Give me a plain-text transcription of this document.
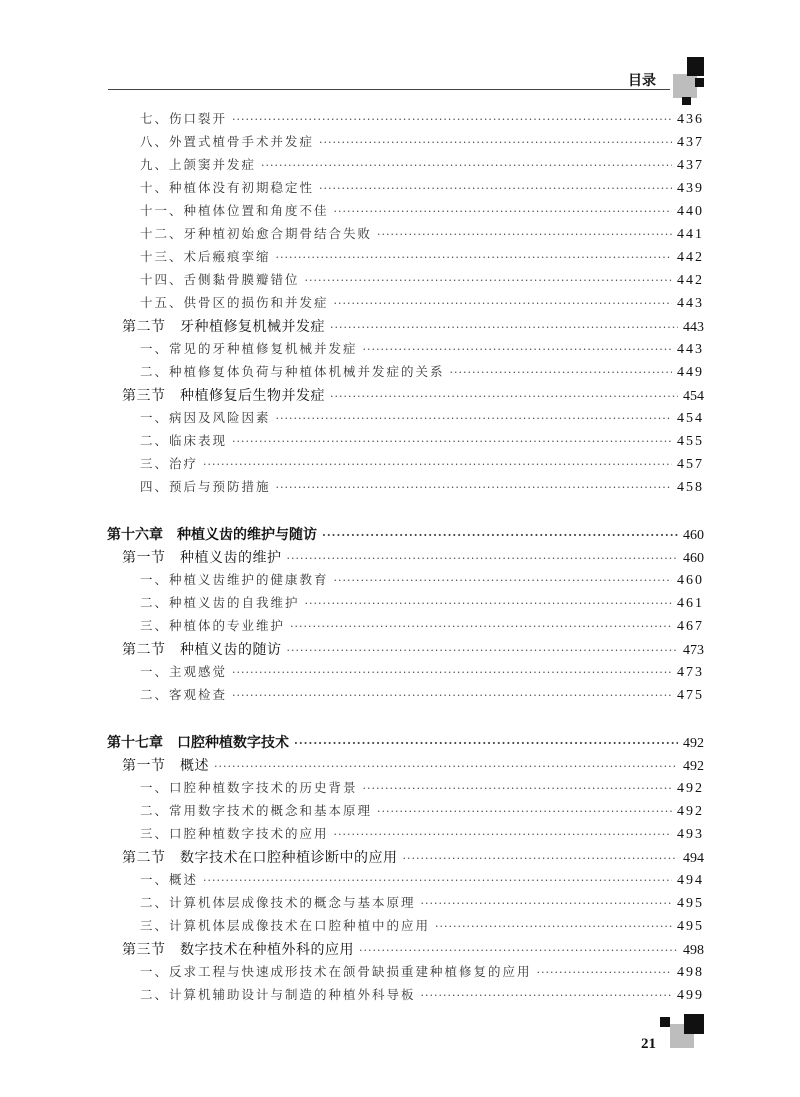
目录
七、伤口裂开 ·····	436
八、外置式植骨手术并发症 ·····	437
九、上颌窦并发症 ·····	437
十、种植体没有初期稳定性 ·····	439
十一、种植体位置和角度不佳 ·····	440
十二、牙种植初始愈合期骨结合失败 ·····	441
十三、术后瘢痕挛缩 ·····	442
十四、舌侧黏骨膜瓣错位 ·····	442
十五、供骨区的损伤和并发症 ·····	443
第二节　牙种植修复机械并发症 ·····	443
一、常见的牙种植修复机械并发症 ·····	443
二、种植修复体负荷与种植体机械并发症的关系 ·····	449
第三节　种植修复后生物并发症 ·····	454
一、病因及风险因素 ·····	454
二、临床表现 ·····	455
三、治疗 ·····	457
四、预后与预防措施 ·····	458
第十六章　种植义齿的维护与随访 ·····	460
第一节　种植义齿的维护 ·····	460
一、种植义齿维护的健康教育 ·····	460
二、种植义齿的自我维护 ·····	461
三、种植体的专业维护 ·····	467
第二节　种植义齿的随访 ·····	473
一、主观感觉 ·····	473
二、客观检查 ·····	475
第十七章　口腔种植数字技术 ·····	492
第一节　概述 ·····	492
一、口腔种植数字技术的历史背景 ·····	492
二、常用数字技术的概念和基本原理 ·····	492
三、口腔种植数字技术的应用 ·····	493
第二节　数字技术在口腔种植诊断中的应用 ·····	494
一、概述 ·····	494
二、计算机体层成像技术的概念与基本原理 ·····	495
三、计算机体层成像技术在口腔种植中的应用 ·····	495
第三节　数字技术在种植外科的应用 ·····	498
一、反求工程与快速成形技术在颌骨缺损重建种植修复的应用 ·····	498
二、计算机辅助设计与制造的种植外科导板 ·····	499
21
